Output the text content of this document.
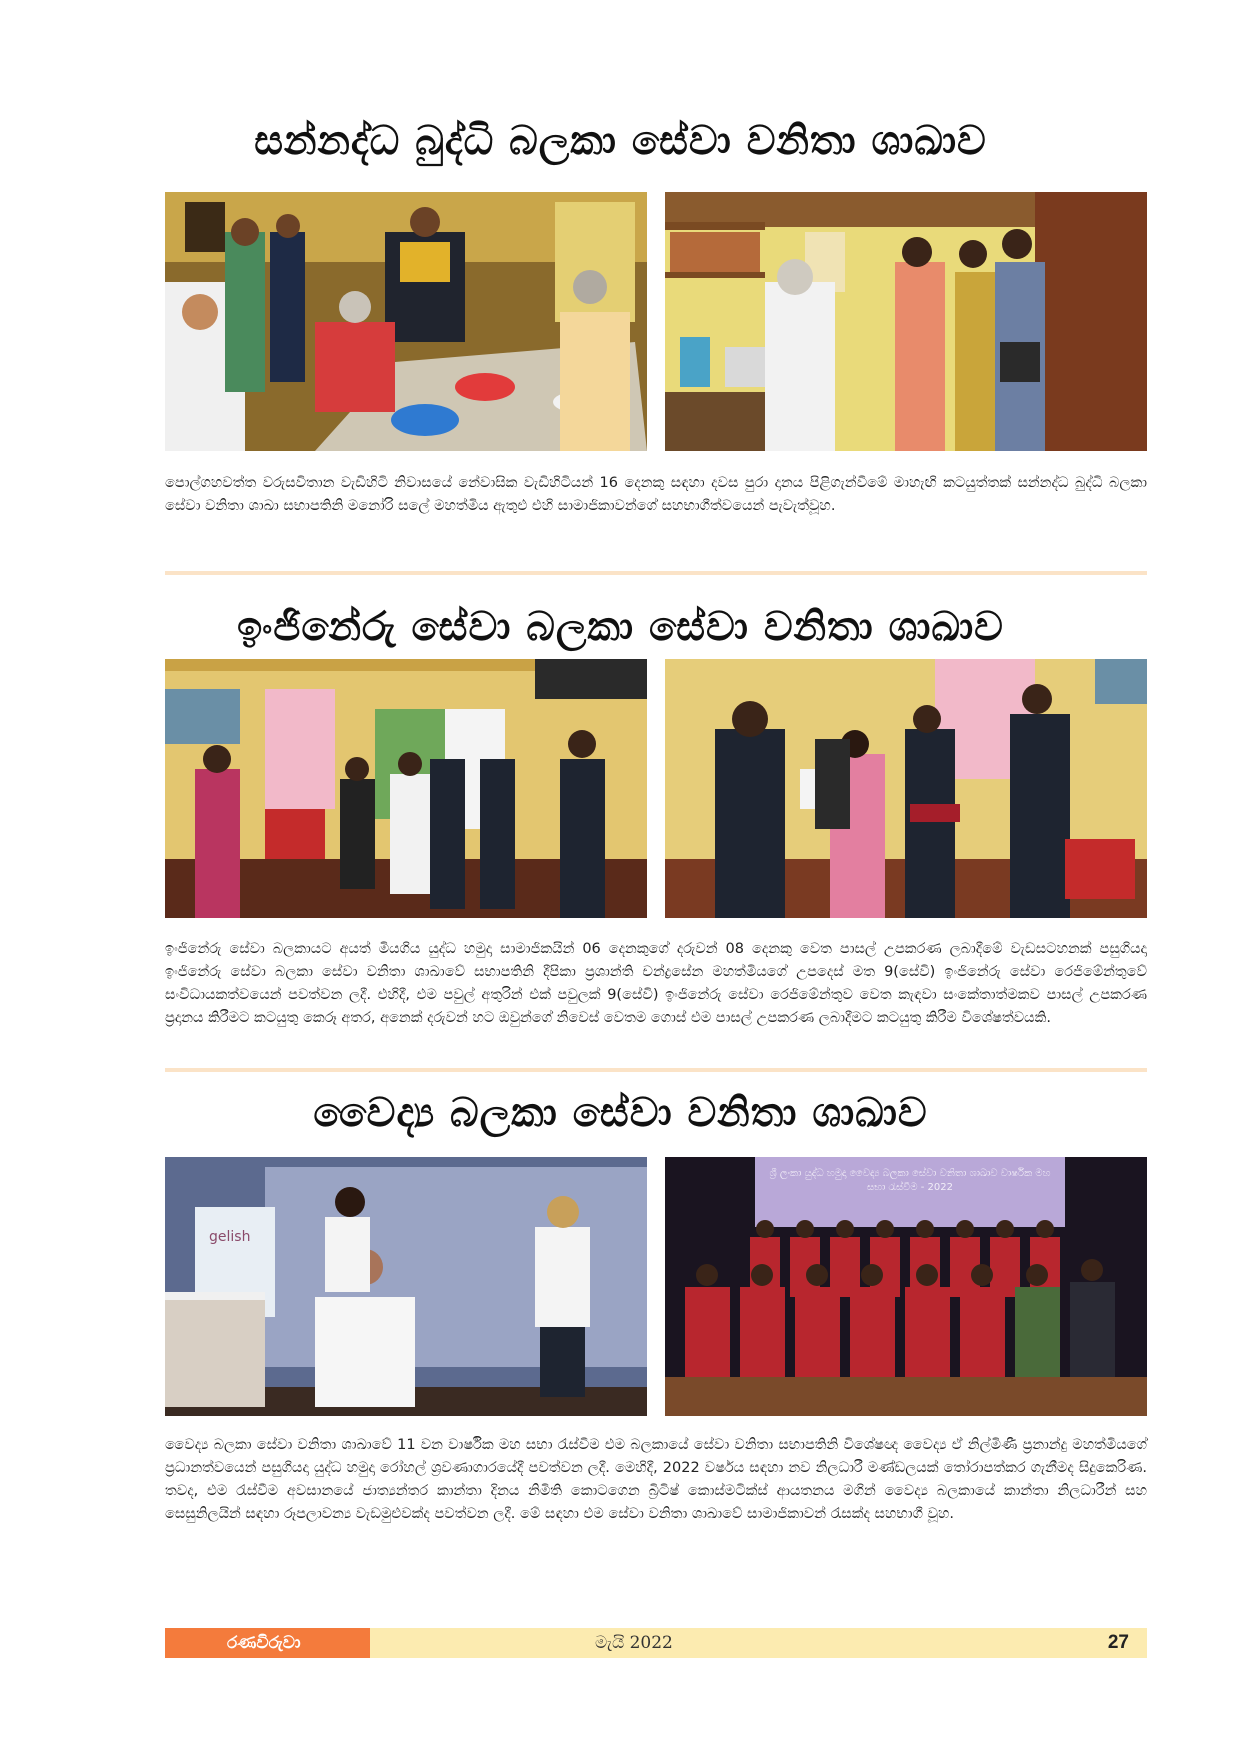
සන්නද්ධ බුද්ධි බලකා සේවා වනිතා ශාඛාව
පොල්ගහවත්ත වරුසවිතාන වැඩිහිටි නිවාසයේ නේවාසික වැඩිහිටියන් 16 දෙනකු සඳහා දවස පුරා දානය පිළිගැන්වීමේ මාහැඟි කටයුත්තක් සන්නද්ධ බුද්ධි බලකා සේවා වනිතා ශාඛා සභාපතිනි මනෝරි සලේ මහත්මිය ඇතුළු එහි සාමාජිකාවන්ගේ සහභාගීත්වයෙන් පැවැත්වූහ.
ඉංජිනේරු සේවා බලකා සේවා වනිතා ශාඛාව
ඉංජිනේරු සේවා බලකායට අයත් මියගිය යුද්ධ හමුදා සාමාජිකයින් 06 දෙනකුගේ දරුවන් 08 දෙනකු වෙත පාසල් උපකරණ ලබාදීමේ වැඩසටහනක් පසුගියදා ඉංජිනේරු සේවා බලකා සේවා වනිතා ශාඛාවේ සභාපතිනි දීපිකා ප්‍රශාන්ති චන්ද්‍රසේන මහත්මියගේ උපදෙස් මත 9(සේවි) ඉංජිනේරු සේවා රෙජිමේන්තුවේ සංවිධායකත්වයෙන් පවත්වන ලදී. එහිදී, එම පවුල් අතුරින් එක් පවුලක් 9(සේවි) ඉංජිනේරු සේවා රෙජිමේන්තුව වෙත කැඳවා සංකේතාත්මකව පාසල් උපකරණ ප්‍රදානය කිරීමට කටයුතු කෙරූ අතර, අනෙක් දරුවන් හට ඔවුන්ගේ නිවෙස් වෙතම ගොස් එම පාසල් උපකරණ ලබාදීමට කටයුතු කිරීම විශේෂත්වයකි.
වෛද්‍ය බලකා සේවා වනිතා ශාඛාව
gelish
ශ්‍රී ලංකා යුද්ධ හමුදා වෛද්‍ය බලකා සේවා වනිතා ශාඛාව වාර්ෂික මහ සභා රැස්වීම - 2022
වෛද්‍ය බලකා සේවා වනිතා ශාඛාවේ 11 වන වාර්ෂික මහ සභා රැස්වීම එම බලකායේ සේවා වනිතා සභාපතිනි විශේෂඥ වෛද්‍ය ඒ නිල්මිණී ප්‍රනාන්දු මහත්මියගේ ප්‍රධානත්වයෙන් පසුගියදා යුද්ධ හමුදා රෝහල් ශ්‍රවණාගාරයේදී පවත්වන ලදී. මෙහිදී, 2022 වර්ෂය සඳහා නව නිලධාරී මණ්ඩලයක් තෝරාපත්කර ගැනීමද සිදුකෙරිණ. තවද, එම රැස්වීම අවසානයේ ජාත්‍යන්තර කාන්තා දිනය නිමිති කොටගෙන බ්‍රිටිෂ් කොස්මටික්ස් ආයතනය මගින් වෛද්‍ය බලකායේ කාන්තා නිලධාරීන් සහ සෙසුනිලයින් සඳහා රූපලාවන්‍ය වැඩමුළුවක්ද පවත්වන ලදී. මේ සඳහා එම සේවා වනිතා ශාඛාවේ සාමාජිකාවන් රැසක්ද සහභාගී වූහ.
රණවිරුවා	මැයි 2022	27
